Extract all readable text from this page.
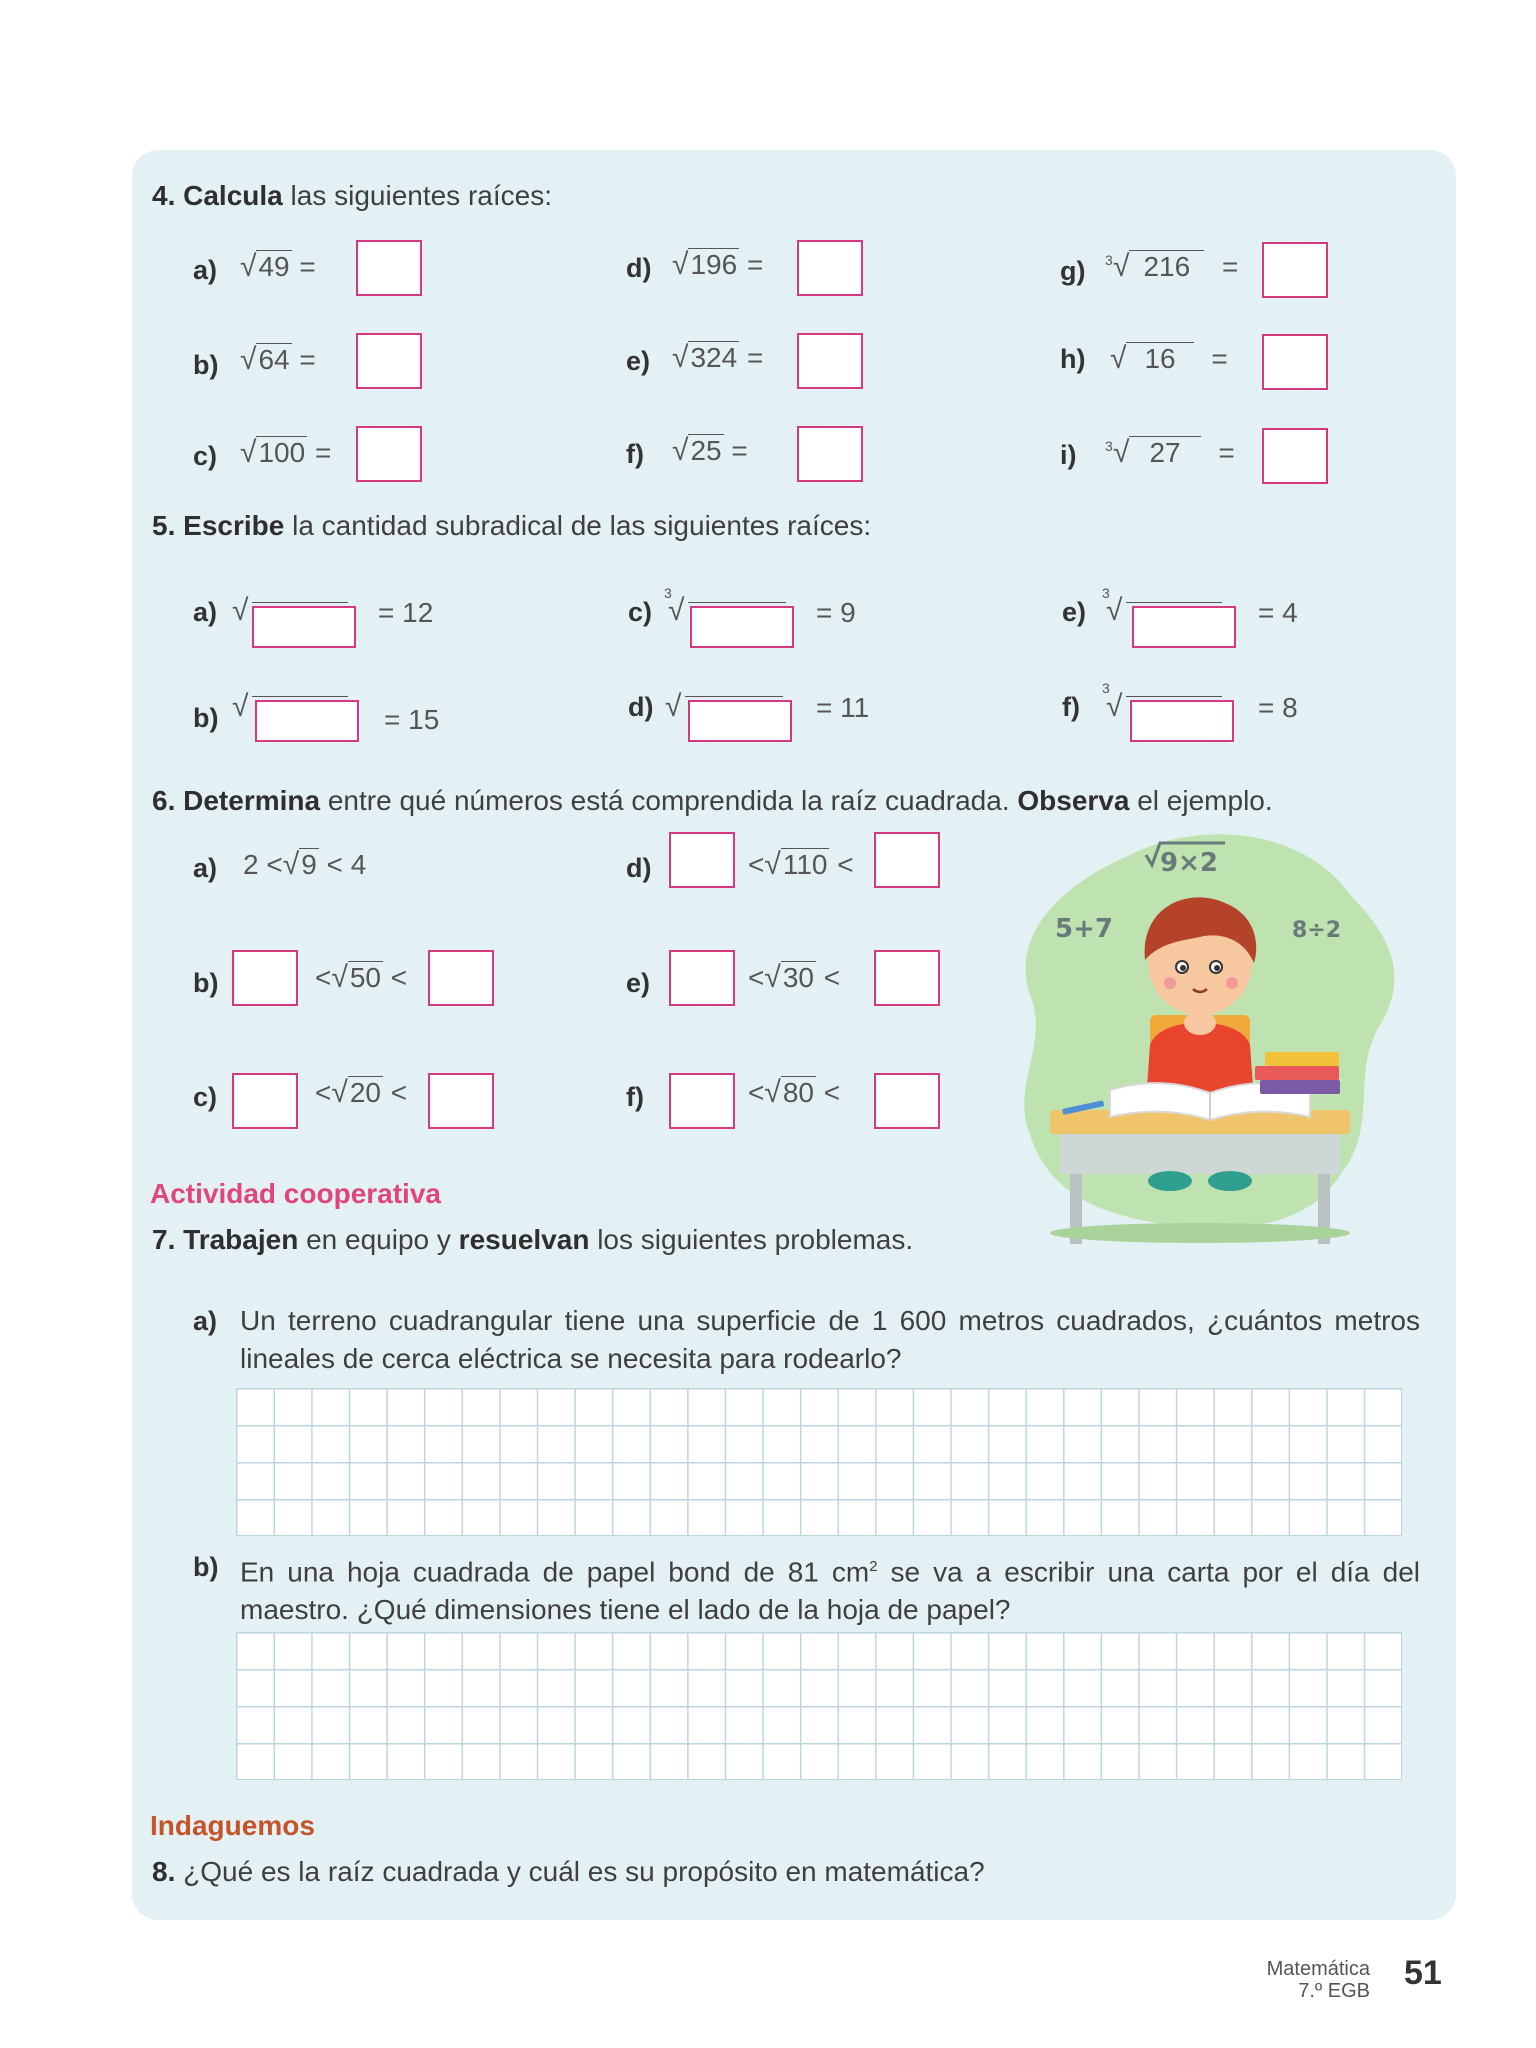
4. Calcula las siguientes raíces:
a) √49 =
b) √64 =
c) √100 =
d) √196 =
e) √324 =
f) √25 =
g) 3 √ 216 =
h) √ 16 =
i) 3 √ 27 =
5. Escribe la cantidad subradical de las siguientes raíces:
a) √	= 12
b) √	= 15
c)
3
√	= 9
d) √	= 11
e)
3
√	= 4
f)
3
√	= 8
6. Determina entre qué números está comprendida la raíz cuadrada. Observa el ejemplo.
a) 2 <√9 < 4
b)	<√50 <
c)	<√20 <
d)	<√110 <
e)	<√30 <
f)	<√80 <
9×2
5+7	8÷2
Actividad cooperativa
7. Trabajen en equipo y resuelvan los siguientes problemas.
a) Un terreno cuadrangular tiene una superficie de 1 600 metros cuadrados, ¿cuántos metros lineales de cerca eléctrica se necesita para rodearlo?
b) En una hoja cuadrada de papel bond de 81 $cm^2$ se va a escribir una carta por el día del maestro. ¿Qué dimensiones tiene el lado de la hoja de papel?
Indaguemos
8. ¿Qué es la raíz cuadrada y cuál es su propósito en matemática?
Matemática
7.º EGB 51
